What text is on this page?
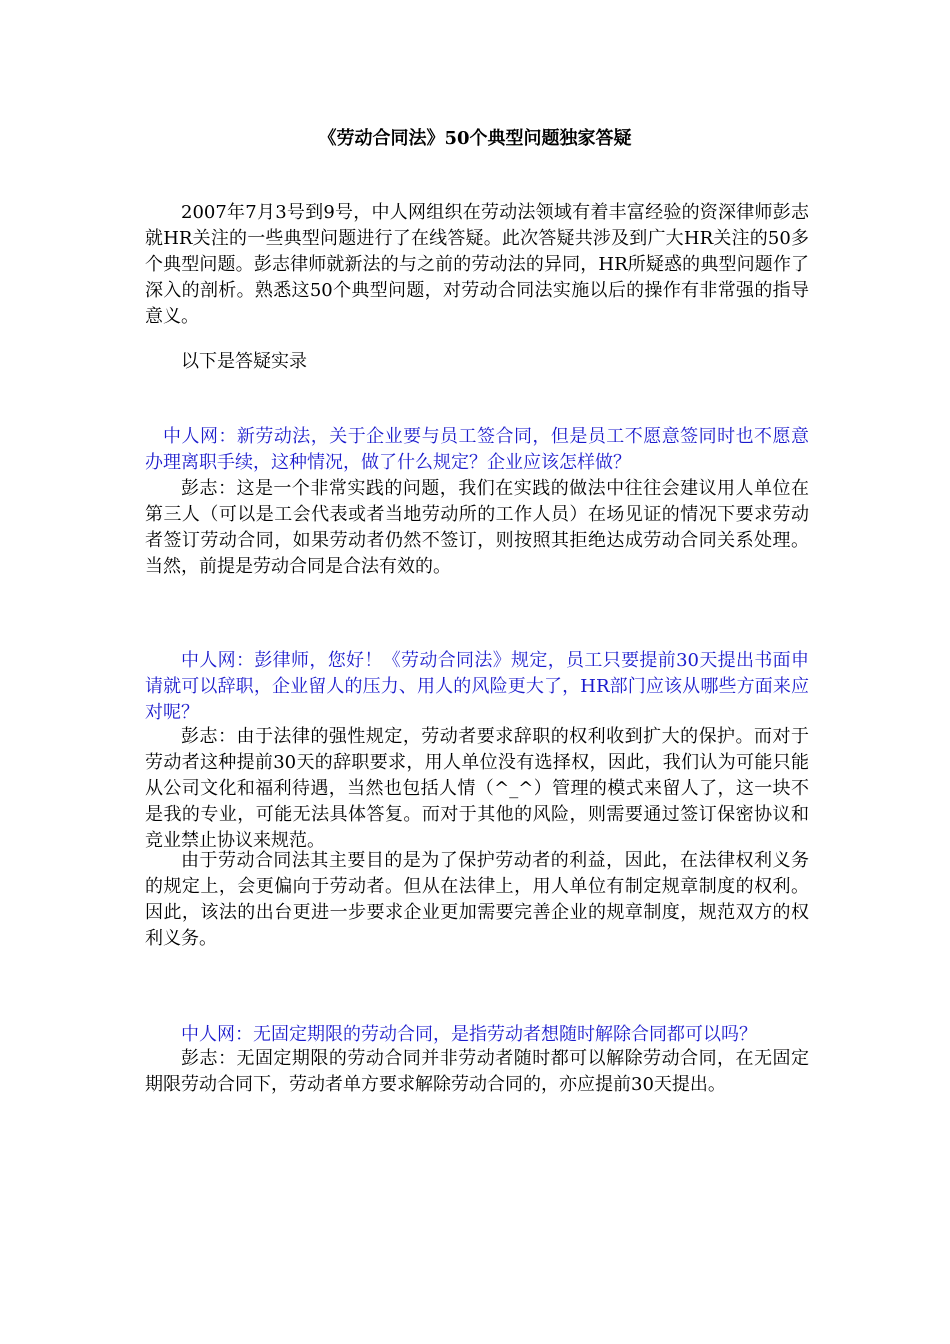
《劳动合同法》50个典型问题独家答疑

2007年7月3号到9号，中人网组织在劳动法领域有着丰富经验的资深律师彭志就HR关注的一些典型问题进行了在线答疑。此次答疑共涉及到广大HR关注的50多个典型问题。彭志律师就新法的与之前的劳动法的异同，HR所疑惑的典型问题作了深入的剖析。熟悉这50个典型问题，对劳动合同法实施以后的操作有非常强的指导意义。

以下是答疑实录

中人网：新劳动法，关于企业要与员工签合同，但是员工不愿意签同时也不愿意办理离职手续，这种情况，做了什么规定？企业应该怎样做？

彭志：这是一个非常实践的问题，我们在实践的做法中往往会建议用人单位在第三人（可以是工会代表或者当地劳动所的工作人员）在场见证的情况下要求劳动者签订劳动合同，如果劳动者仍然不签订，则按照其拒绝达成劳动合同关系处理。当然，前提是劳动合同是合法有效的。

中人网：彭律师，您好！《劳动合同法》规定，员工只要提前30天提出书面申请就可以辞职，企业留人的压力、用人的风险更大了，HR部门应该从哪些方面来应对呢？

彭志：由于法律的强性规定，劳动者要求辞职的权利收到扩大的保护。而对于劳动者这种提前30天的辞职要求，用人单位没有选择权，因此，我们认为可能只能从公司文化和福利待遇，当然也包括人情（^_^）管理的模式来留人了，这一块不是我的专业，可能无法具体答复。而对于其他的风险，则需要通过签订保密协议和竞业禁止协议来规范。

由于劳动合同法其主要目的是为了保护劳动者的利益，因此，在法律权利义务的规定上，会更偏向于劳动者。但从在法律上，用人单位有制定规章制度的权利。因此，该法的出台更进一步要求企业更加需要完善企业的规章制度，规范双方的权利义务。

中人网：无固定期限的劳动合同，是指劳动者想随时解除合同都可以吗？

彭志：无固定期限的劳动合同并非劳动者随时都可以解除劳动合同，在无固定期限劳动合同下，劳动者单方要求解除劳动合同的，亦应提前30天提出。
